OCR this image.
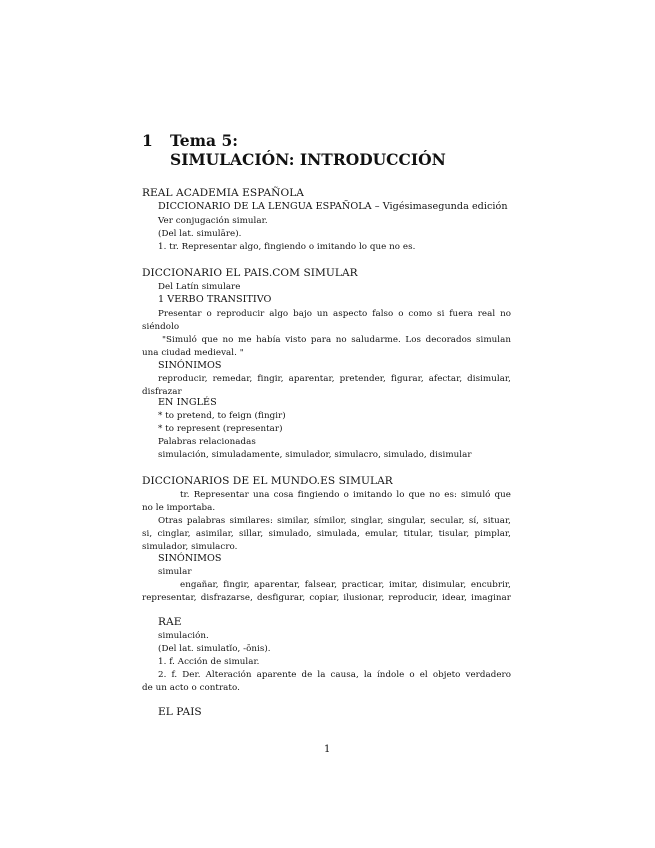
1 Tema 5:
SIMULACIÓN: INTRODUCCIÓN
REAL ACADEMIA ESPAÑOLA
DICCIONARIO DE LA LENGUA ESPAÑOLA – Vigésimasegunda edición
Ver conjugación simular.
(Del lat. simulāre).
1. tr. Representar algo, fingiendo o imitando lo que no es.
DICCIONARIO EL PAIS.COM SIMULAR
Del Latín simulare
1 VERBO TRANSITIVO
Presentar o reproducir algo bajo un aspecto falso o como si fuera real no
siéndolo
"Simuló que no me había visto para no saludarme. Los decorados simulan
una ciudad medieval. "
SINÓNIMOS
reproducir, remedar, fingir, aparentar, pretender, figurar, afectar, disimular,
disfrazar
EN INGLÉS
* to pretend, to feign (fingir)
* to represent (representar)
Palabras relacionadas
simulación, simuladamente, simulador, simulacro, simulado, disimular
DICCIONARIOS DE EL MUNDO.ES SIMULAR
tr. Representar una cosa fingiendo o imitando lo que no es: simuló que
no le importaba.
Otras palabras similares: similar, símilor, singlar, singular, secular, sí, situar,
si, cinglar, asimilar, sillar, simulado, simulada, emular, titular, tisular, pimplar,
simulador, simulacro.
SINÓNIMOS
simular
engañar, fingir, aparentar, falsear, practicar, imitar, disimular, encubrir,
representar, disfrazarse, desfigurar, copiar, ilusionar, reproducir, idear, imaginar
RAE
simulación.
(Del lat. simulatĭo, -ōnis).
1. f. Acción de simular.
2. f. Der. Alteración aparente de la causa, la índole o el objeto verdadero
de un acto o contrato.
EL PAIS
1
